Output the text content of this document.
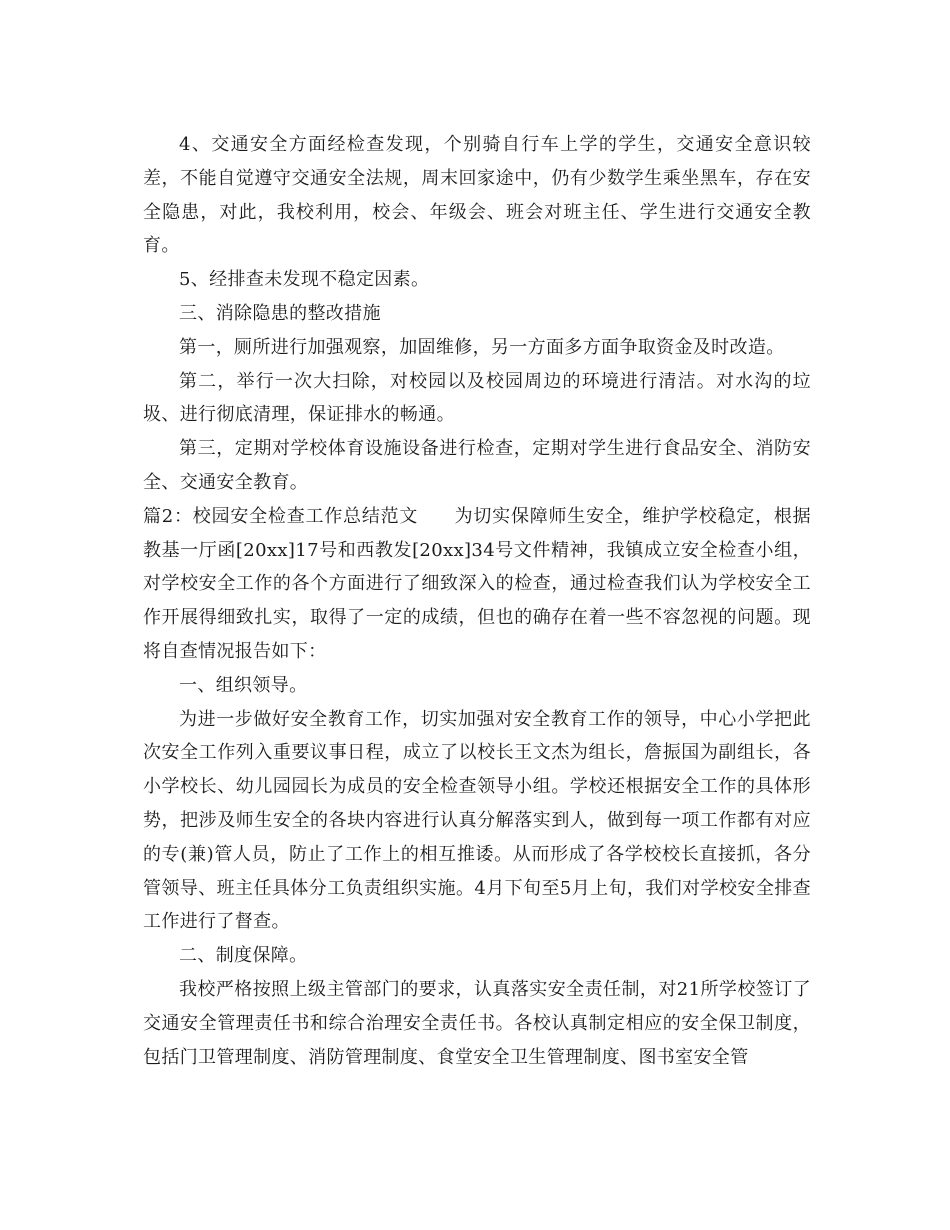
4、交通安全方面经检查发现，个别骑自行车上学的学生，交通安全意识较差，不能自觉遵守交通安全法规，周末回家途中，仍有少数学生乘坐黑车，存在安全隐患，对此，我校利用，校会、年级会、班会对班主任、学生进行交通安全教育。

5、经排查未发现不稳定因素。

三、消除隐患的整改措施

第一，厕所进行加强观察，加固维修，另一方面多方面争取资金及时改造。

第二，举行一次大扫除，对校园以及校园周边的环境进行清洁。对水沟的垃圾、进行彻底清理，保证排水的畅通。

第三，定期对学校体育设施设备进行检查，定期对学生进行食品安全、消防安全、交通安全教育。

篇2：校园安全检查工作总结范文 为切实保障师生安全，维护学校稳定，根据教基一厅函[20xx]17号和西教发[20xx]34号文件精神，我镇成立安全检查小组，对学校安全工作的各个方面进行了细致深入的检查，通过检查我们认为学校安全工作开展得细致扎实，取得了一定的成绩，但也的确存在着一些不容忽视的问题。现将自查情况报告如下：

一、组织领导。

为进一步做好安全教育工作，切实加强对安全教育工作的领导，中心小学把此次安全工作列入重要议事日程，成立了以校长王文杰为组长，詹振国为副组长，各小学校长、幼儿园园长为成员的安全检查领导小组。学校还根据安全工作的具体形势，把涉及师生安全的各块内容进行认真分解落实到人，做到每一项工作都有对应的专(兼)管人员，防止了工作上的相互推诿。从而形成了各学校校长直接抓，各分管领导、班主任具体分工负责组织实施。4月下旬至5月上旬，我们对学校安全排查工作进行了督查。

二、制度保障。

我校严格按照上级主管部门的要求，认真落实安全责任制，对21所学校签订了交通安全管理责任书和综合治理安全责任书。各校认真制定相应的安全保卫制度，包括门卫管理制度、消防管理制度、食堂安全卫生管理制度、图书室安全管
